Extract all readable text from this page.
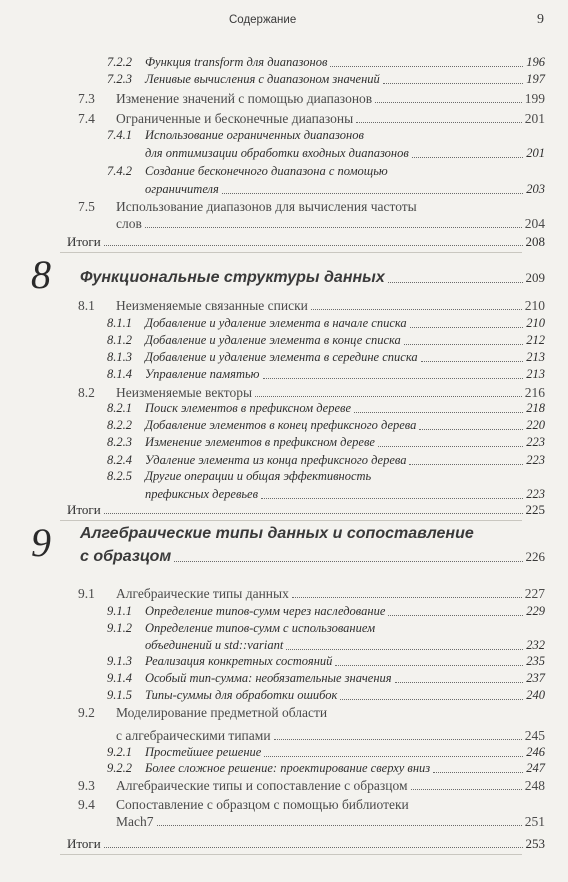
Содержание	9
7.2.2 Функция transform для диапазонов	196
7.2.3 Ленивые вычисления с диапазоном значений	197
7.3 Изменение значений с помощью диапазонов	199
7.4 Ограниченные и бесконечные диапазоны	201
7.4.1 Использование ограниченных диапазонов
для оптимизации обработки входных диапазонов	201
7.4.2 Создание бесконечного диапазона с помощью
ограничителя	203
7.5 Использование диапазонов для вычисления частоты
слов	204
Итоги	208
8 Функциональные структуры данных	209
8.1 Неизменяемые связанные списки	210
8.1.1 Добавление и удаление элемента в начале списка	210
8.1.2 Добавление и удаление элемента в конце списка	212
8.1.3 Добавление и удаление элемента в середине списка	213
8.1.4 Управление памятью	213
8.2 Неизменяемые векторы	216
8.2.1 Поиск элементов в префиксном дереве	218
8.2.2 Добавление элементов в конец префиксного дерева	220
8.2.3 Изменение элементов в префиксном дереве	223
8.2.4 Удаление элемента из конца префиксного дерева	223
8.2.5 Другие операции и общая эффективность
префиксных деревьев	223
Итоги	225
9 Алгебраические типы данных и сопоставление
с образцом	226
9.1 Алгебраические типы данных	227
9.1.1 Определение типов-сумм через наследование	229
9.1.2 Определение типов-сумм с использованием
объединений и std::variant	232
9.1.3 Реализация конкретных состояний	235
9.1.4 Особый тип-сумма: необязательные значения	237
9.1.5 Типы-суммы для обработки ошибок	240
9.2 Моделирование предметной области
с алгебраическими типами	245
9.2.1 Простейшее решение	246
9.2.2 Более сложное решение: проектирование сверху вниз	247
9.3 Алгебраические типы и сопоставление с образцом	248
9.4 Сопоставление с образцом с помощью библиотеки
Mach7	251
Итоги	253
